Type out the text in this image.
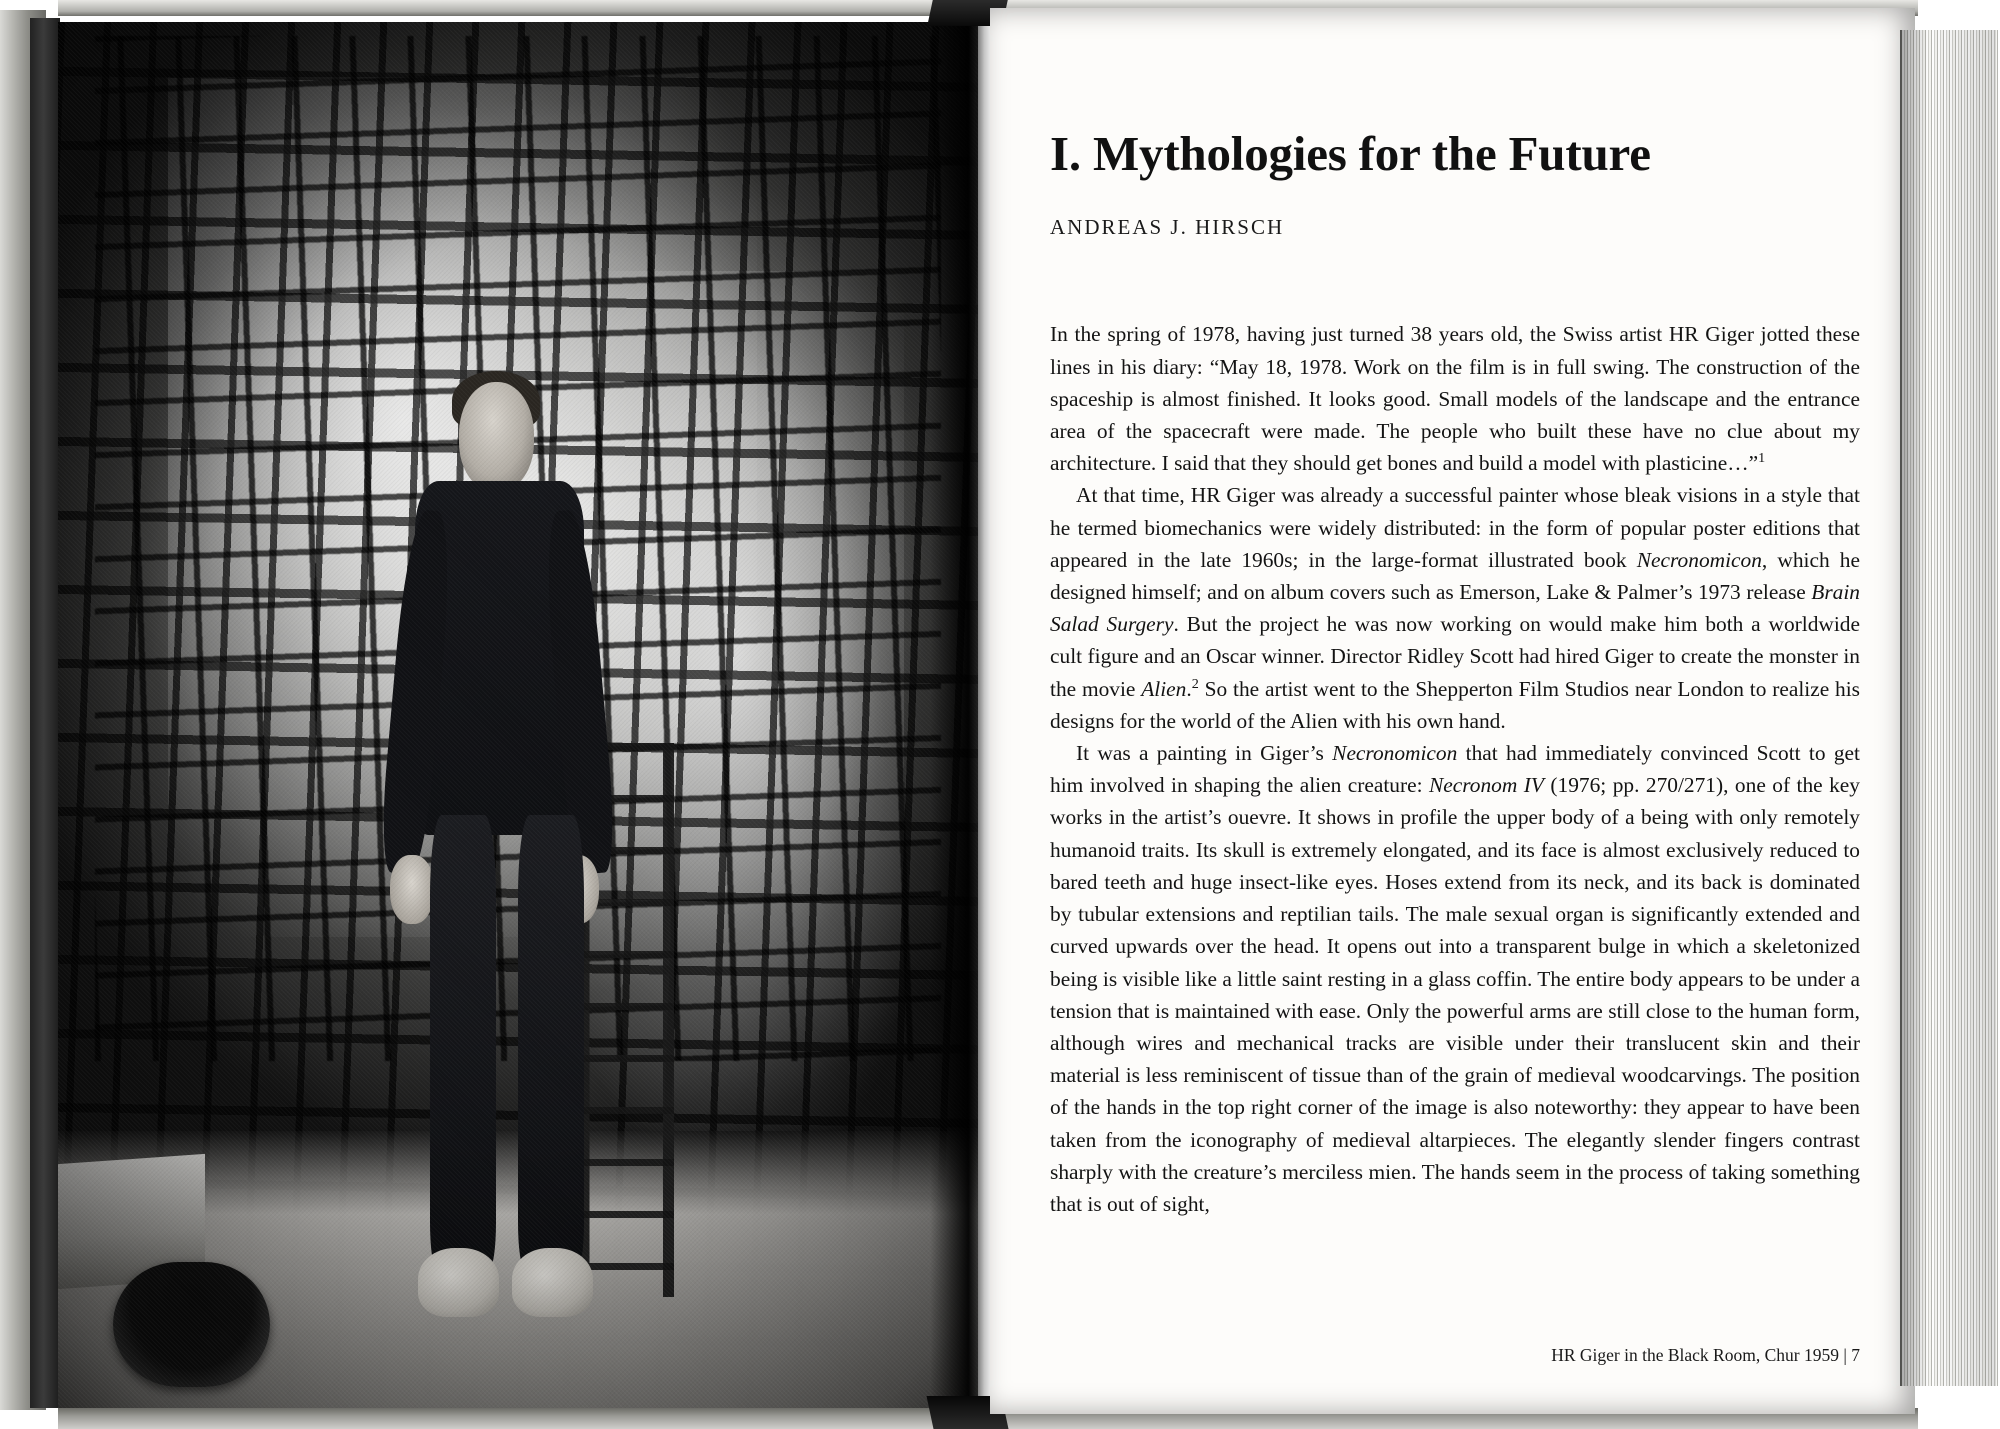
I. Mythologies for the Future
ANDREAS J. HIRSCH

In the spring of 1978, having just turned 38 years old, the Swiss artist HR Giger jotted these lines in his diary: “May 18, 1978. Work on the film is in full swing. The construction of the spaceship is almost finished. It looks good. Small models of the landscape and the entrance area of the spacecraft were made. The people who built these have no clue about my architecture. I said that they should get bones and build a model with plasticine…”$^1$

At that time, HR Giger was already a successful painter whose bleak visions in a style that he termed biomechanics were widely distributed: in the form of popular poster editions that appeared in the late 1960s; in the large-format illustrated book Necronomicon, which he designed himself; and on album covers such as Emerson, Lake & Palmer’s 1973 release Brain Salad Surgery. But the project he was now working on would make him both a worldwide cult figure and an Oscar winner. Director Ridley Scott had hired Giger to create the monster in the movie Alien.$^2$ So the artist went to the Shepperton Film Studios near London to realize his designs for the world of the Alien with his own hand.

It was a painting in Giger’s Necronomicon that had immediately convinced Scott to get him involved in shaping the alien creature: Necronom IV (1976; pp. 270/271), one of the key works in the artist’s ouevre. It shows in profile the upper body of a being with only remotely humanoid traits. Its skull is extremely elongated, and its face is almost exclusively reduced to bared teeth and huge insect-like eyes. Hoses extend from its neck, and its back is dominated by tubular extensions and reptilian tails. The male sexual organ is significantly extended and curved upwards over the head. It opens out into a transparent bulge in which a skeletonized being is visible like a little saint resting in a glass coffin. The entire body appears to be under a tension that is maintained with ease. Only the powerful arms are still close to the human form, although wires and mechanical tracks are visible under their translucent skin and their material is less reminiscent of tissue than of the grain of medieval woodcarvings. The position of the hands in the top right corner of the image is also noteworthy: they appear to have been taken from the iconography of medieval altarpieces. The elegantly slender fingers contrast sharply with the creature’s merciless mien. The hands seem in the process of taking something that is out of sight,

HR Giger in the Black Room, Chur 1959 | 7
